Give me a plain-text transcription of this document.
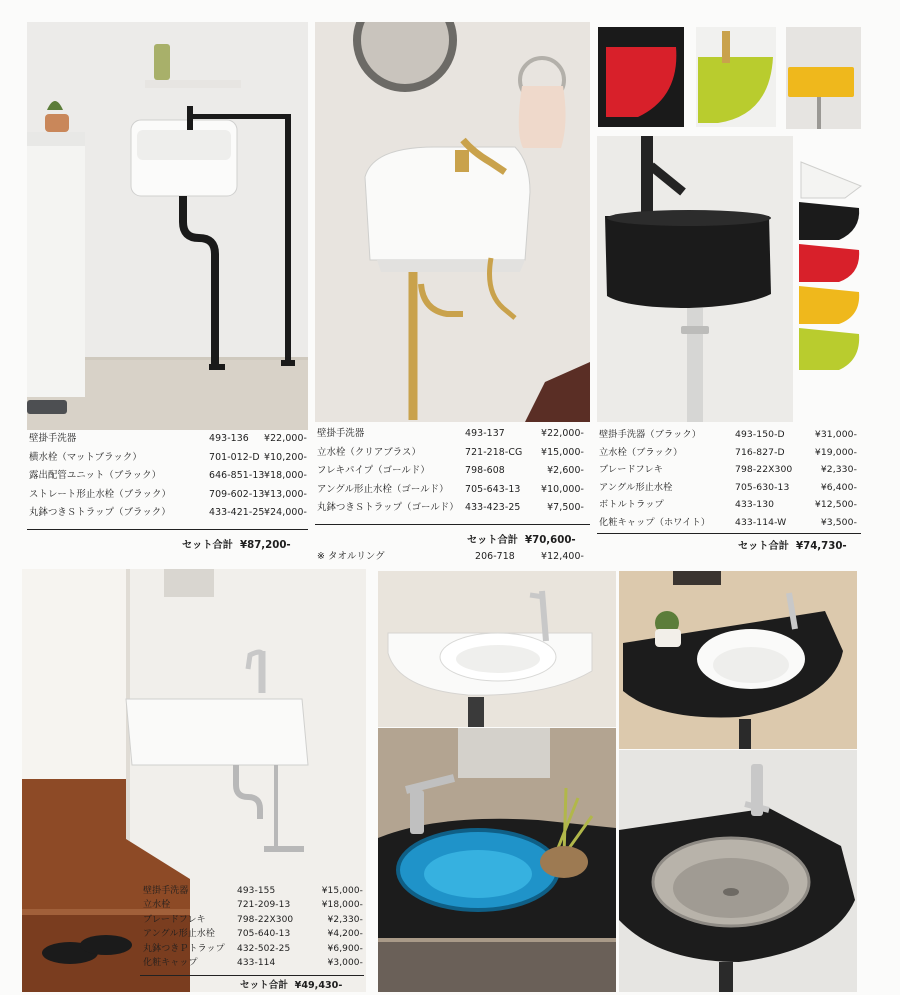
壁掛手洗器	493-136 ¥22,000-
横水栓（マットブラック）	701-012-D ¥10,200-
露出配管ユニット（ブラック）	646-851-13 ¥18,000-
ストレート形止水栓（ブラック）	709-602-13 ¥13,000-
丸鉢つきＳトラップ（ブラック）	433-421-25 ¥24,000-
セット合計 ¥87,200-
壁掛手洗器	493-137	¥22,000-
立水栓（クリアブラス）	721-218-CG ¥15,000-
フレキパイプ（ゴールド）	798-608	¥2,600-
アングル形止水栓（ゴールド） 705-643-13 ¥10,000-
丸鉢つきＳトラップ（ゴールド） 433-423-25	¥7,500-
セット合計 ¥70,600-
※ タオルリング	206-718	¥12,400-
壁掛手洗器（ブラック）	493-150-D	¥31,000-
立水栓（ブラック）	716-827-D	¥19,000-
ブレードフレキ	798-22X300	¥2,330-
アングル形止水栓	705-630-13	¥6,400-
ボトルトラップ	433-130	¥12,500-
化粧キャップ（ホワイト）	433-114-W	¥3,500-
セット合計 ¥74,730-
壁掛手洗器	493-155	¥15,000-
立水栓	721-209-13	¥18,000-
ブレードフレキ	798-22X300	¥2,330-
アングル形止水栓 705-640-13	¥4,200-
丸鉢つきＰトラップ 432-502-25	¥6,900-
化粧キャップ	433-114	¥3,000-
セット合計 ¥49,430-
